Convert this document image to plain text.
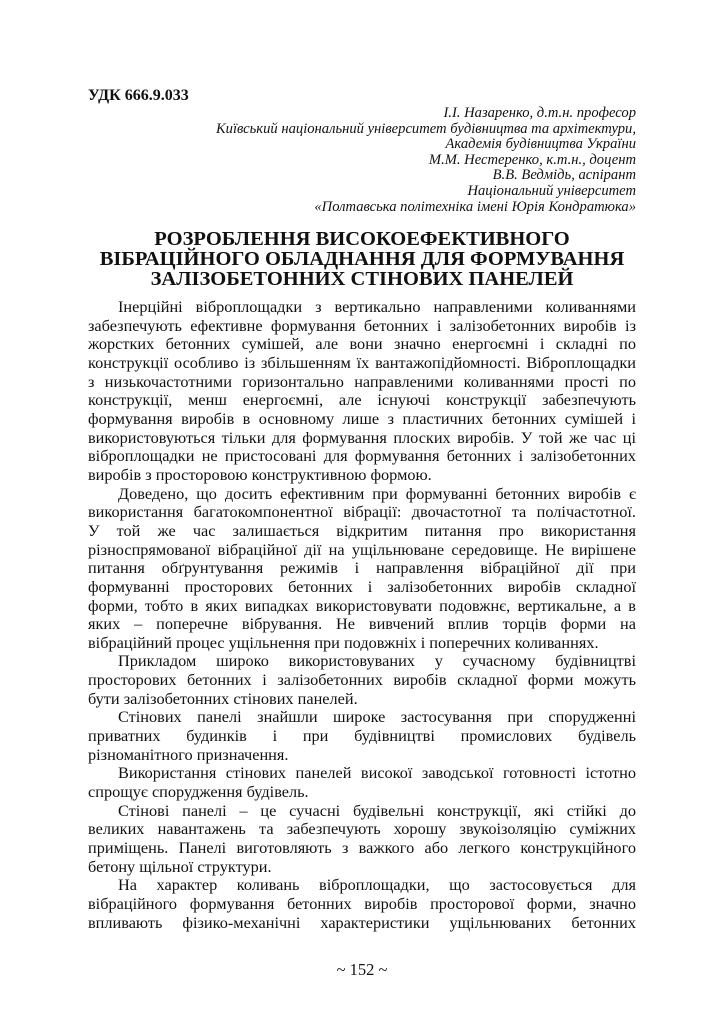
УДК 666.9.033
І.І. Назаренко, д.т.н. професор
Київський національний університет будівництва та архітектури,
Академія будівництва України
М.М. Нестеренко, к.т.н., доцент
В.В. Ведмідь, аспірант
Національний університет
«Полтавська політехніка імені Юрія Кондратюка»
РОЗРОБЛЕННЯ ВИСОКОЕФЕКТИВНОГО
ВІБРАЦІЙНОГО ОБЛАДНАННЯ ДЛЯ ФОРМУВАННЯ
ЗАЛІЗОБЕТОННИХ СТІНОВИХ ПАНЕЛЕЙ
Інерційні віброплощадки з вертикально направленими коливаннями
забезпечують ефективне формування бетонних і залізобетонних виробів із
жорстких бетонних сумішей, але вони значно енергоємні і складні по
конструкції особливо із збільшенням їх вантажопідйомності. Віброплощадки
з низькочастотними горизонтально направленими коливаннями прості по
конструкції, менш енергоємні, але існуючі конструкції забезпечують
формування виробів в основному лише з пластичних бетонних сумішей і
використовуються тільки для формування плоских виробів. У той же час ці
віброплощадки не пристосовані для формування бетонних і залізобетонних
виробів з просторовою конструктивною формою.
Доведено, що досить ефективним при формуванні бетонних виробів є
використання багатокомпонентної вібрації: двочастотної та полічастотної.
У той же час залишається відкритим питання про використання
різноспрямованої вібраційної дії на ущільнюване середовище. Не вирішене
питання обґрунтування режимів і направлення вібраційної дії при
формуванні просторових бетонних і залізобетонних виробів складної
форми, тобто в яких випадках використовувати подовжнє, вертикальне, а в
яких – поперечне вібрування. Не вивчений вплив торців форми на
вібраційний процес ущільнення при подовжніх і поперечних коливаннях.
Прикладом широко використовуваних у сучасному будівництві
просторових бетонних і залізобетонних виробів складної форми можуть
бути залізобетонних стінових панелей.
Стінових панелі знайшли широке застосування при спорудженні
приватних будинків і при будівництві промислових будівель
різноманітного призначення.
Використання стінових панелей високої заводської готовності істотно
спрощує спорудження будівель.
Стінові панелі – це сучасні будівельні конструкції, які стійкі до
великих навантажень та забезпечують хорошу звукоізоляцію суміжних
приміщень. Панелі виготовляють з важкого або легкого конструкційного
бетону щільної структури.
На характер коливань віброплощадки, що застосовується для
вібраційного формування бетонних виробів просторової форми, значно
впливають фізико-механічні характеристики ущільнюваних бетонних
~ 152 ~
